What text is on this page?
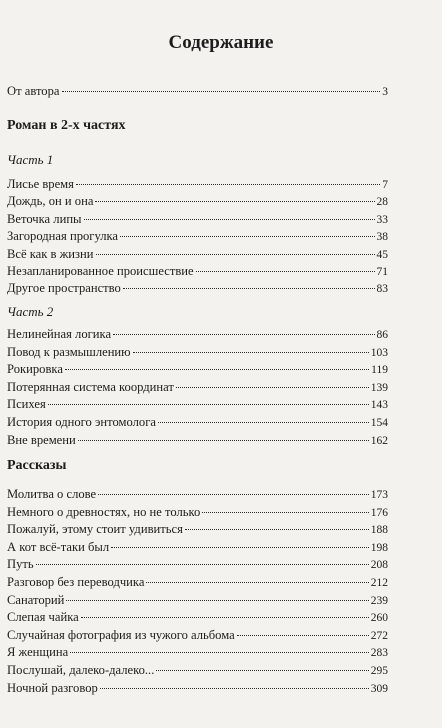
Содержание
От автора	3
Роман в 2-х частях
Часть 1
Лисье время	7
Дождь, он и она	28
Веточка липы	33
Загородная прогулка	38
Всё как в жизни	45
Незапланированное происшествие	71
Другое пространство	83
Часть 2
Нелинейная логика	86
Повод к размышлению	103
Рокировка	119
Потерянная система координат	139
Психея	143
История одного энтомолога	154
Вне времени	162
Рассказы
Молитва о слове	173
Немного о древностях, но не только	176
Пожалуй, этому стоит удивиться	188
А кот всё-таки был	198
Путь	208
Разговор без переводчика	212
Санаторий	239
Слепая чайка	260
Случайная фотография из чужого альбома	272
Я женщина	283
Послушай, далеко-далеко...	295
Ночной разговор	309
